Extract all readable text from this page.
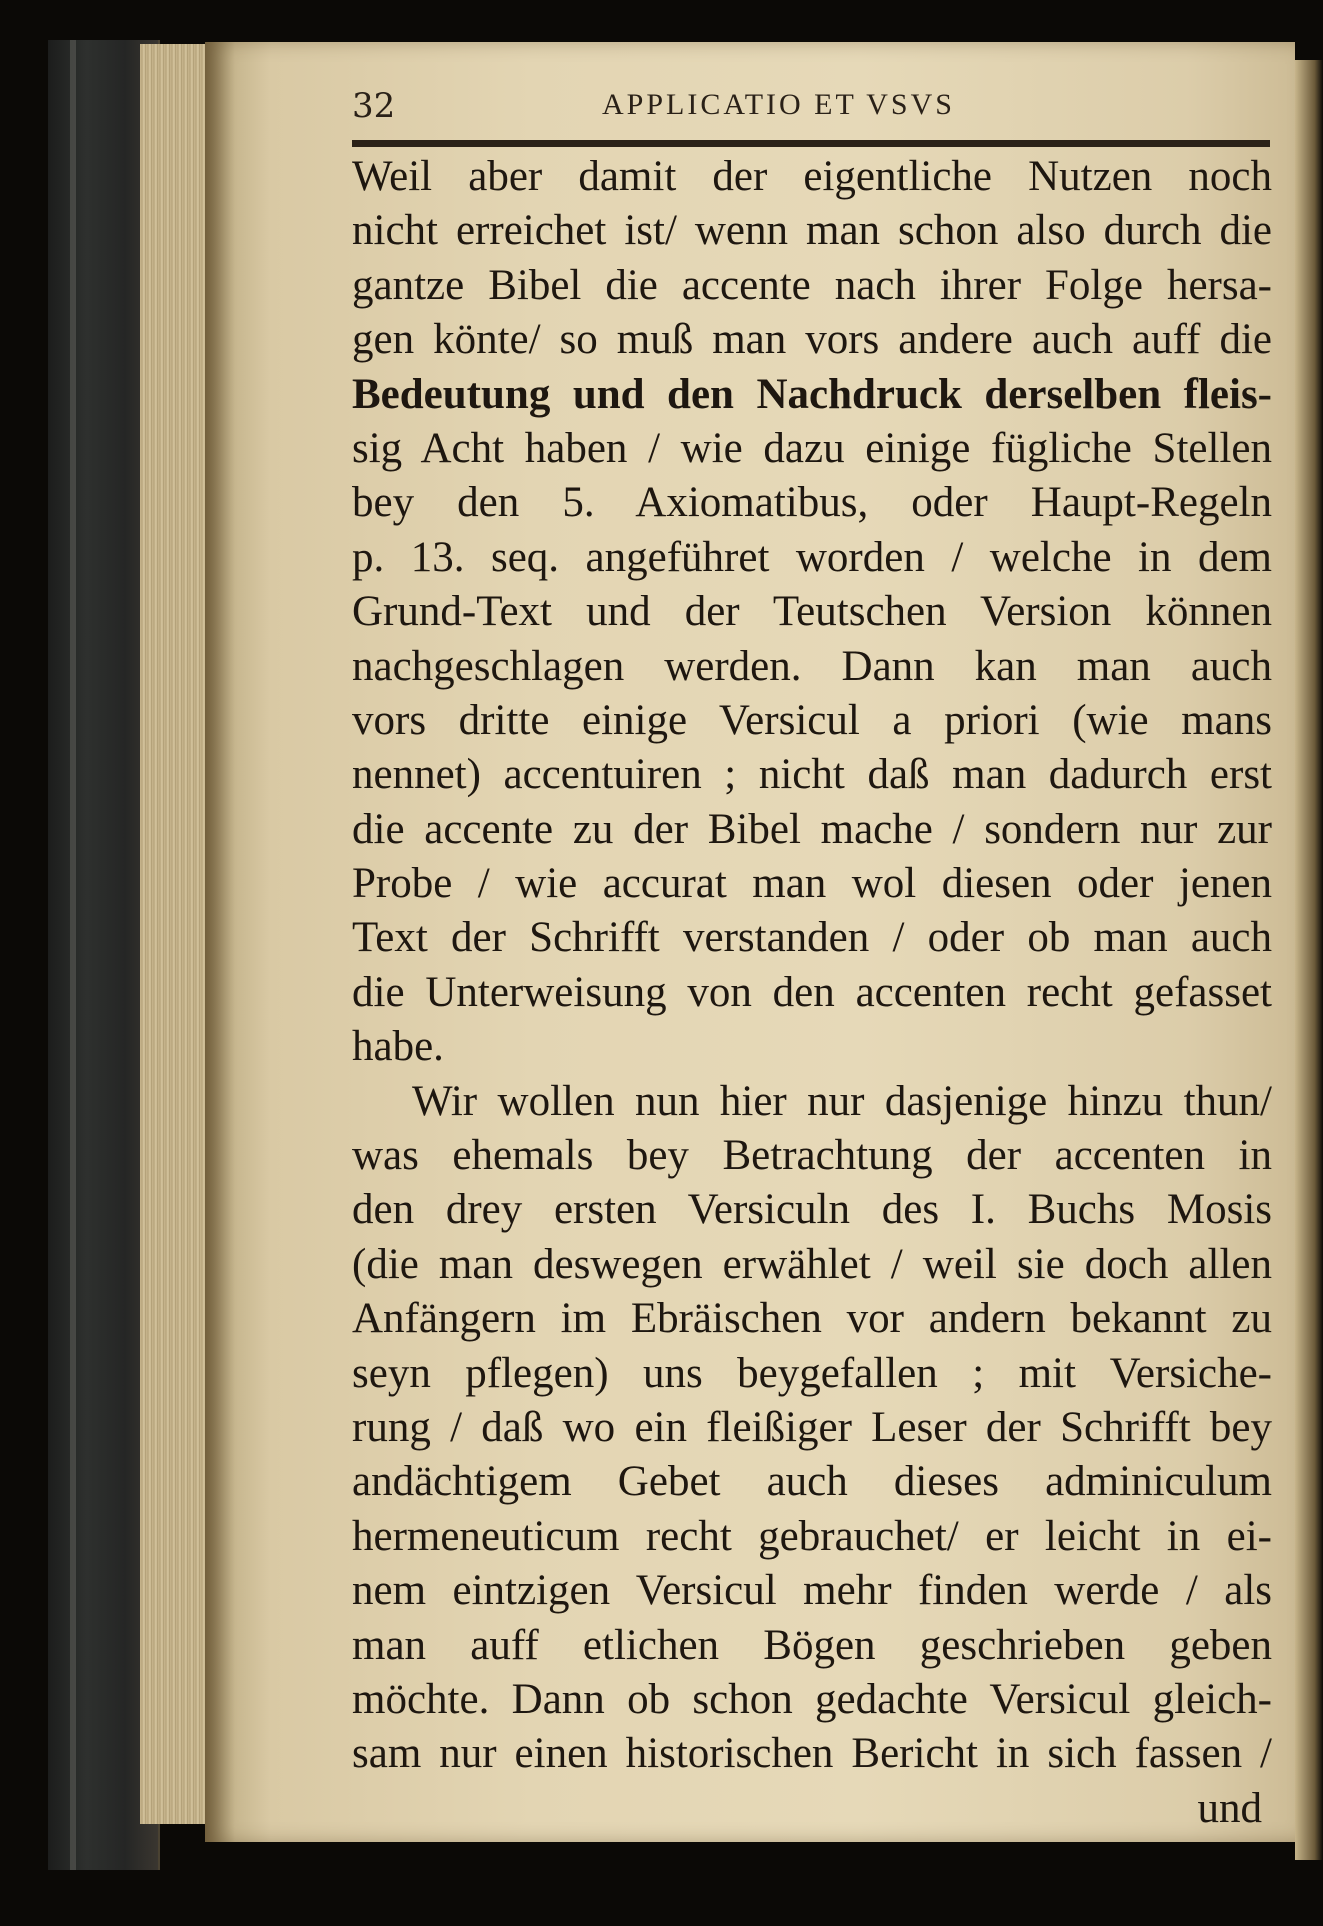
32	APPLICATIO ET VSVS
Weil aber damit der eigentliche Nutzen noch
nicht erreichet ist/ wenn man schon also durch die
gantze Bibel die accente nach ihrer Folge hersa-
gen könte/ so muß man vors andere auch auff die
Bedeutung und den Nachdruck derselben fleis-
sig Acht haben / wie dazu einige fügliche Stellen
bey den 5. Axiomatibus, oder Haupt-Regeln
p. 13. seq. angeführet worden / welche in dem
Grund-Text und der Teutschen Version können
nachgeschlagen werden. Dann kan man auch
vors dritte einige Versicul a priori (wie mans
nennet) accentuiren ; nicht daß man dadurch erst
die accente zu der Bibel mache / sondern nur zur
Probe / wie accurat man wol diesen oder jenen
Text der Schrifft verstanden / oder ob man auch
die Unterweisung von den accenten recht gefasset
habe.
Wir wollen nun hier nur dasjenige hinzu thun/
was ehemals bey Betrachtung der accenten in
den drey ersten Versiculn des I. Buchs Mosis
(die man deswegen erwählet / weil sie doch allen
Anfängern im Ebräischen vor andern bekannt zu
seyn pflegen) uns beygefallen ; mit Versiche-
rung / daß wo ein fleißiger Leser der Schrifft bey
andächtigem Gebet auch dieses adminiculum
hermeneuticum recht gebrauchet/ er leicht in ei-
nem eintzigen Versicul mehr finden werde / als
man auff etlichen Bögen geschrieben geben
möchte. Dann ob schon gedachte Versicul gleich-
sam nur einen historischen Bericht in sich fassen /
und
